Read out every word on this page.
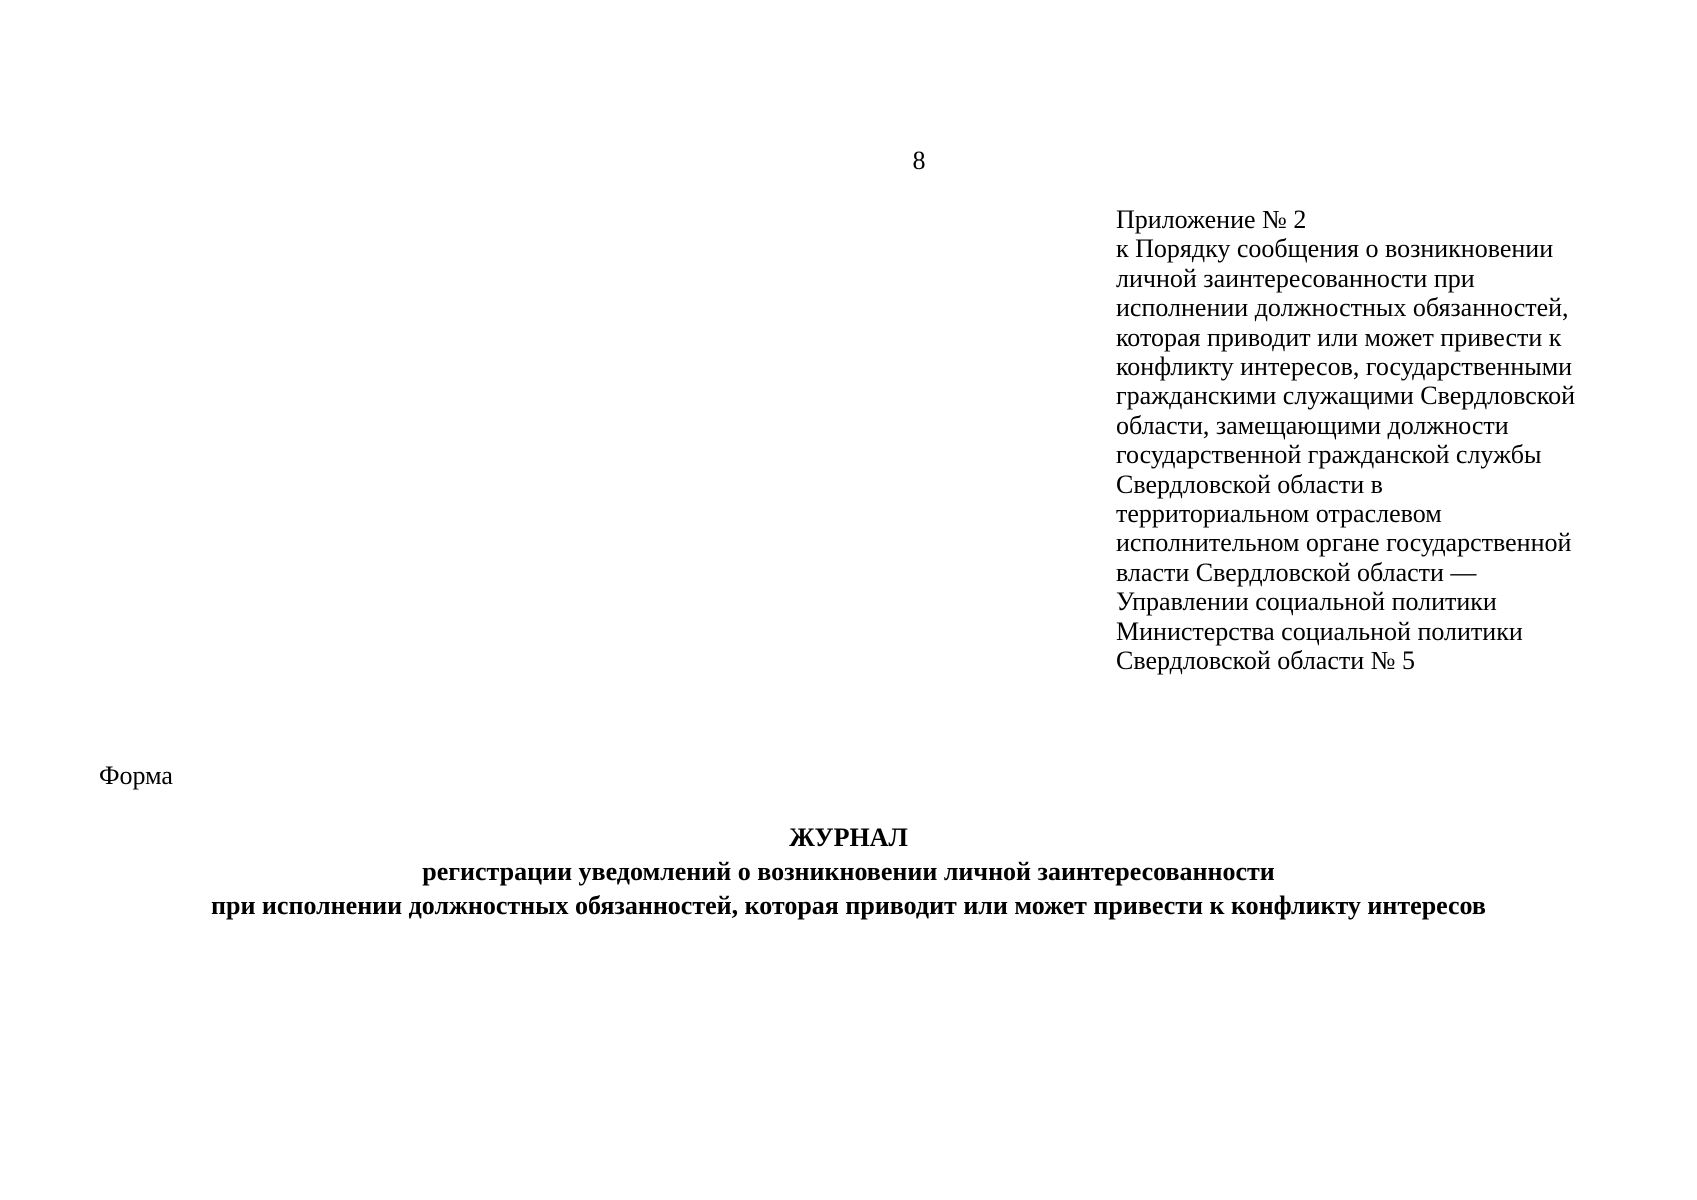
8
Приложение № 2
к Порядку сообщения о возникновении
личной заинтересованности при
исполнении должностных обязанностей,
которая приводит или может привести к
конфликту интересов, государственными
гражданскими служащими Свердловской
области, замещающими должности
государственной гражданской службы
Свердловской области в
территориальном отраслевом
исполнительном органе государственной
власти Свердловской области —
Управлении социальной политики
Министерства социальной политики
Свердловской области № 5
Форма
ЖУРНАЛ
регистрации уведомлений о возникновении личной заинтересованности
при исполнении должностных обязанностей, которая приводит или может привести к конфликту интересов
